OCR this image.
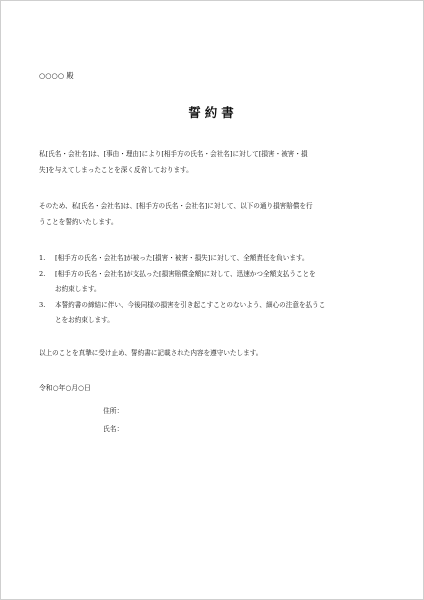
○○○○ 殿
誓約書
私[氏名・会社名]は、[事由・理由]により[相手方の氏名・会社名]に対して[損害・被害・損
失]を与えてしまったことを深く反省しております。
そのため、私[氏名・会社名]は、[相手方の氏名・会社名]に対して、以下の通り損害賠償を行
うことを誓約いたします。
1. [相手方の氏名・会社名]が被った[損害・被害・損失]に対して、全額責任を負います。
2. [相手方の氏名・会社名]が支払った[損害賠償金額]に対して、迅速かつ全額支払うことを
お約束します。
3. 本誓約書の締結に伴い、今後同様の損害を引き起こすことのないよう、細心の注意を払うこ
とをお約束します。
以上のことを真摯に受け止め、誓約書に記載された内容を遵守いたします。
令和○年○月○日
住所：
氏名：
